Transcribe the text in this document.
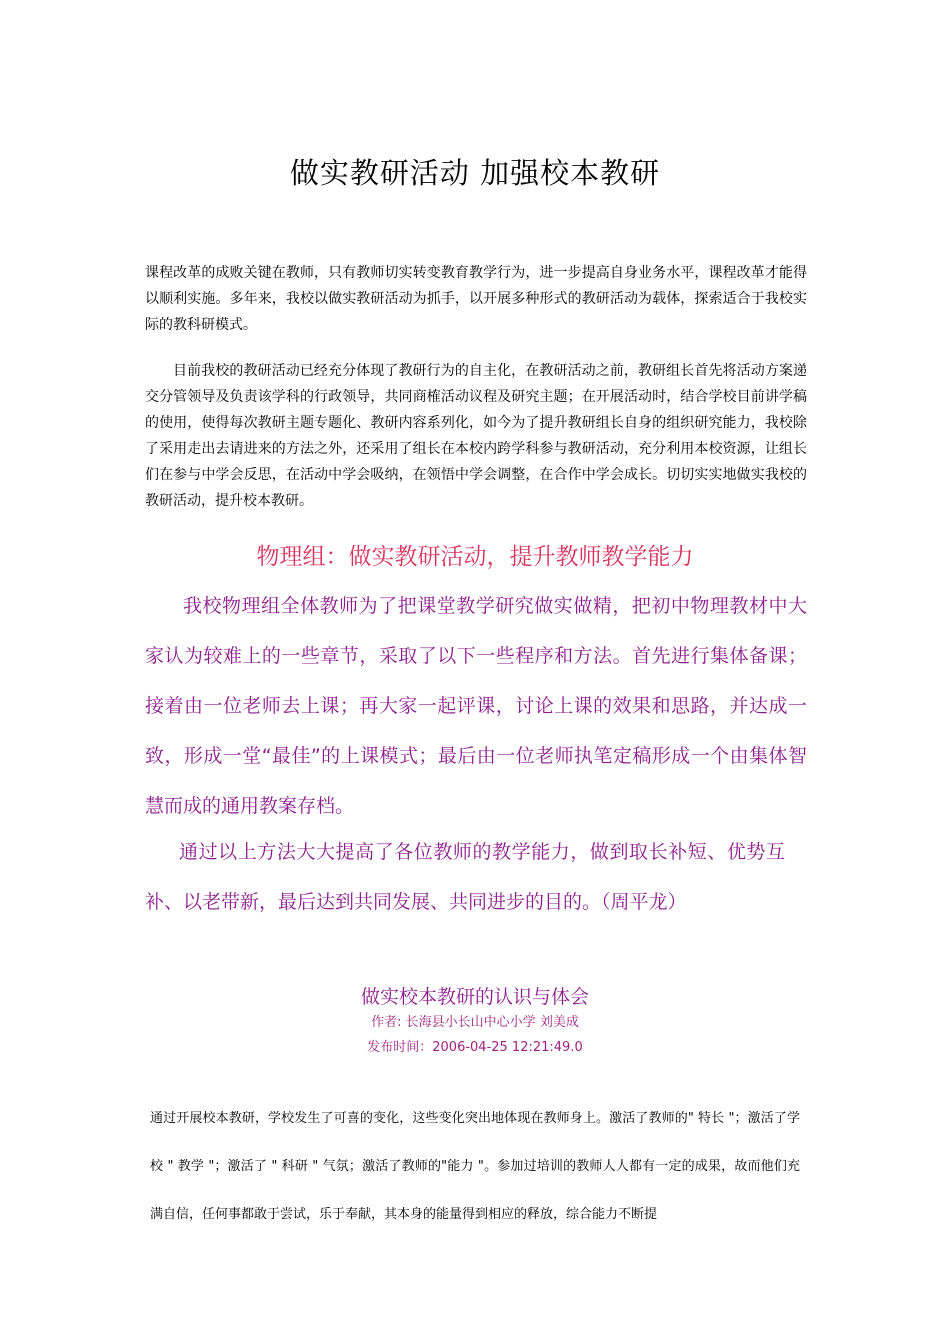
做实教研活动 加强校本教研
课程改革的成败关键在教师，只有教师切实转变教育教学行为，进一步提高自身业务水平，课程改革才能得以顺利实施。多年来，我校以做实教研活动为抓手，以开展多种形式的教研活动为载体，探索适合于我校实际的教科研模式。
目前我校的教研活动已经充分体现了教研行为的自主化，在教研活动之前，教研组长首先将活动方案递交分管领导及负责该学科的行政领导，共同商榷活动议程及研究主题；在开展活动时，结合学校目前讲学稿的使用，使得每次教研主题专题化、教研内容系列化，如今为了提升教研组长自身的组织研究能力，我校除了采用走出去请进来的方法之外，还采用了组长在本校内跨学科参与教研活动，充分利用本校资源，让组长们在参与中学会反思，在活动中学会吸纳，在领悟中学会调整，在合作中学会成长。切切实实地做实我校的教研活动，提升校本教研。
物理组：做实教研活动，提升教师教学能力
我校物理组全体教师为了把课堂教学研究做实做精，把初中物理教材中大家认为较难上的一些章节，采取了以下一些程序和方法。首先进行集体备课；接着由一位老师去上课；再大家一起评课，讨论上课的效果和思路，并达成一致，形成一堂“最佳”的上课模式；最后由一位老师执笔定稿形成一个由集体智慧而成的通用教案存档。
通过以上方法大大提高了各位教师的教学能力，做到取长补短、优势互补、以老带新，最后达到共同发展、共同进步的目的。（周平龙）
做实校本教研的认识与体会
作者: 长海县小长山中心小学 刘美成
发布时间：2006-04-25 12:21:49.0
通过开展校本教研，学校发生了可喜的变化，这些变化突出地体现在教师身上。激活了教师的" 特长 "；激活了学校 " 教学 "；激活了 " 科研 " 气氛；激活了教师的"能力 "。参加过培训的教师人人都有一定的成果，故而他们充满自信，任何事都敢于尝试，乐于奉献，其本身的能量得到相应的释放，综合能力不断提
